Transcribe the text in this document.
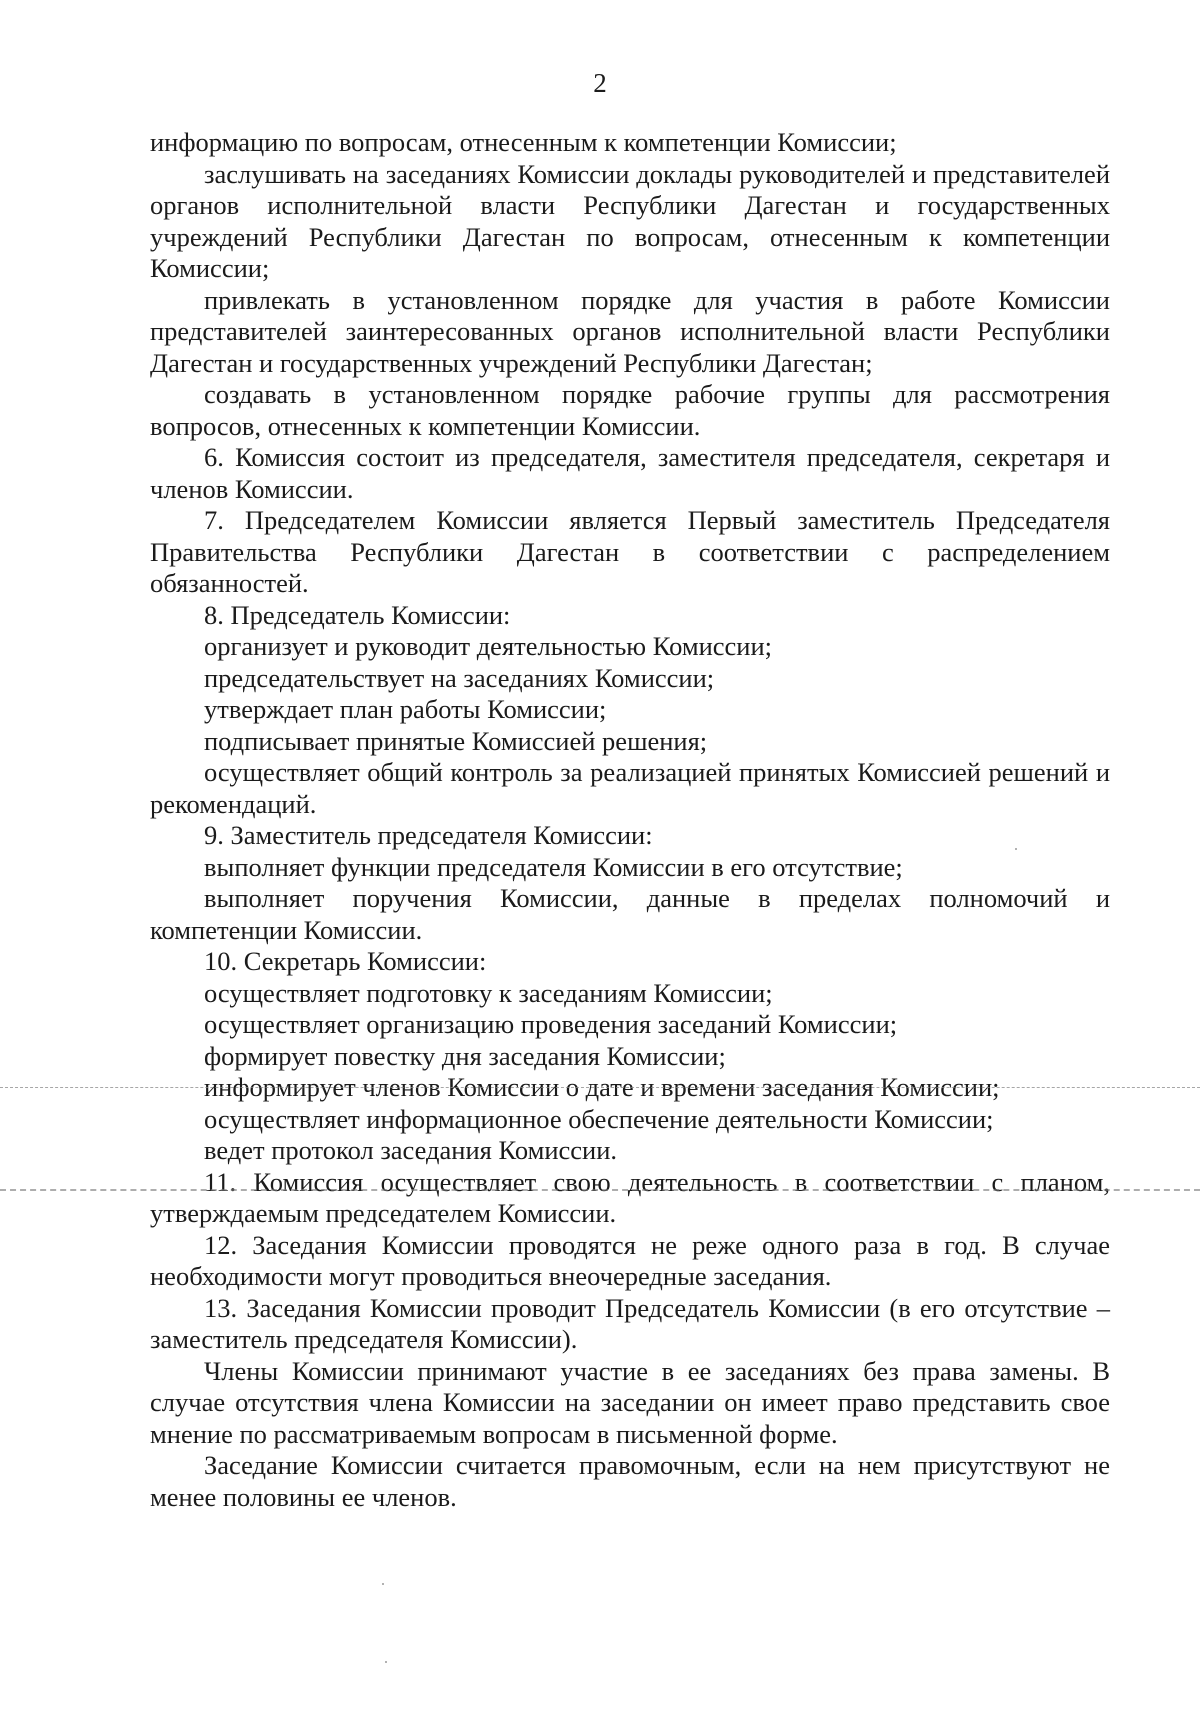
2

информацию по вопросам, отнесенным к компетенции Комиссии;

заслушивать на заседаниях Комиссии доклады руководителей и представителей органов исполнительной власти Республики Дагестан и государственных учреждений Республики Дагестан по вопросам, отнесенным к компетенции Комиссии;

привлекать в установленном порядке для участия в работе Комиссии представителей заинтересованных органов исполнительной власти Республики Дагестан и государственных учреждений Республики Дагестан;

создавать в установленном порядке рабочие группы для рассмотрения вопросов, отнесенных к компетенции Комиссии.

6. Комиссия состоит из председателя, заместителя председателя, секретаря и членов Комиссии.

7. Председателем Комиссии является Первый заместитель Председателя Правительства Республики Дагестан в соответствии с распределением обязанностей.

8. Председатель Комиссии:

организует и руководит деятельностью Комиссии;

председательствует на заседаниях Комиссии;

утверждает план работы Комиссии;

подписывает принятые Комиссией решения;

осуществляет общий контроль за реализацией принятых Комиссией решений и рекомендаций.

9. Заместитель председателя Комиссии:

выполняет функции председателя Комиссии в его отсутствие;

выполняет поручения Комиссии, данные в пределах полномочий и компетенции Комиссии.

10. Секретарь Комиссии:

осуществляет подготовку к заседаниям Комиссии;

осуществляет организацию проведения заседаний Комиссии;

формирует повестку дня заседания Комиссии;

информирует членов Комиссии о дате и времени заседания Комиссии;

осуществляет информационное обеспечение деятельности Комиссии;

ведет протокол заседания Комиссии.

11. Комиссия осуществляет свою деятельность в соответствии с планом, утверждаемым председателем Комиссии.

12. Заседания Комиссии проводятся не реже одного раза в год. В случае необходимости могут проводиться внеочередные заседания.

13. Заседания Комиссии проводит Председатель Комиссии (в его отсутствие – заместитель председателя Комиссии).

Члены Комиссии принимают участие в ее заседаниях без права замены. В случае отсутствия члена Комиссии на заседании он имеет право представить свое мнение по рассматриваемым вопросам в письменной форме.

Заседание Комиссии считается правомочным, если на нем присутствуют не менее половины ее членов.
